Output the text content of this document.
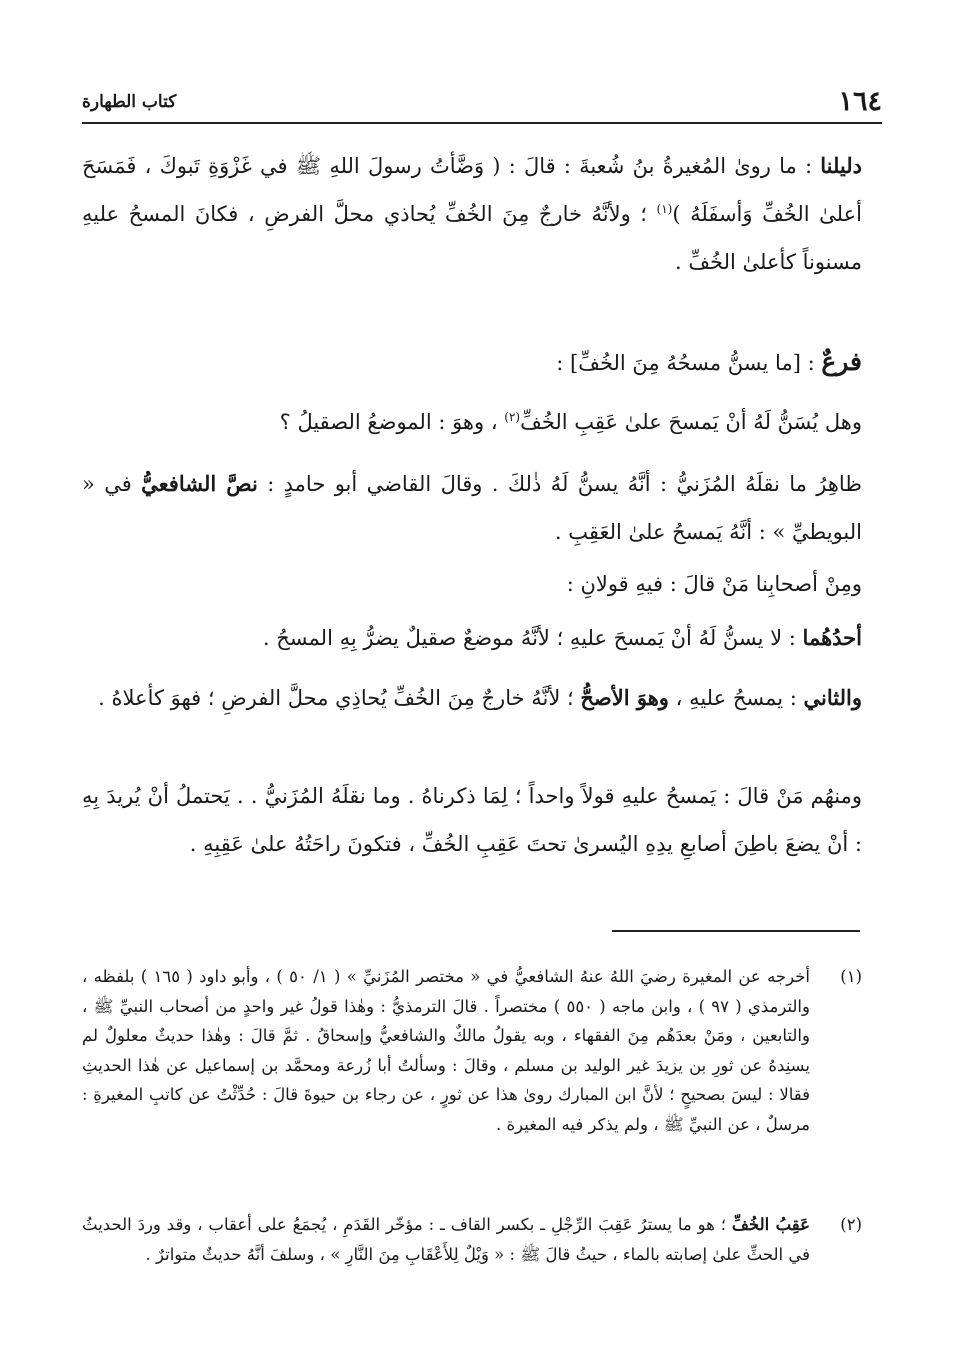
١٦٤
كتاب الطهارة

دليلنا : ما روىٰ المُغيرةُ بنُ شُعبةَ : قالَ : ( وَضَّأتُ رسولَ اللهِ ﷺ في غَزْوَةِ تَبوكَ ، فَمَسَحَ أعلىٰ الخُفِّ وَأسفَلَهُ )$^{(١)}$ ؛ ولأنَّهُ خارجٌ مِنَ الخُفِّ يُحاذي محلَّ الفرضِ ، فكانَ المسحُ عليهِ مسنوناً كأعلىٰ الخُفِّ .

فرعٌ : [ما يسنُّ مسحُهُ مِنَ الخُفِّ] :

وهل يُسَنُّ لَهُ أنْ يَمسحَ علىٰ عَقِبِ الخُفِّ$^{(٢)}$ ، وهوَ : الموضعُ الصقيلُ ؟

ظاهِرُ ما نقلَهُ المُزَنيُّ : أنَّهُ يسنُّ لَهُ ذٰلكَ . وقالَ القاضي أبو حامدٍ : نصَّ الشافعيُّ في « البويطيِّ » : أنَّهُ يَمسحُ علىٰ العَقِبِ .

ومِنْ أصحابِنا مَنْ قالَ : فيهِ قولانِ :

أحدُهُما : لا يسنُّ لَهُ أنْ يَمسحَ عليهِ ؛ لأنَّهُ موضعٌ صقيلٌ يضرُّ بِهِ المسحُ .

والثاني : يمسحُ عليهِ ، وهوَ الأصحُّ ؛ لأنَّهُ خارجٌ مِنَ الخُفِّ يُحاذِي محلَّ الفرضِ ؛ فهوَ كأعلاهُ .

ومنهُم مَنْ قالَ : يَمسحُ عليهِ قولاً واحداً ؛ لِمَا ذكرناهُ . وما نقلَهُ المُزَنيُّ . . يَحتملُ أنْ يُريدَ بِهِ : أنْ يضعَ باطِنَ أصابعِ يدِهِ اليُسرىٰ تحتَ عَقِبِ الخُفِّ ، فتكونَ راحَتُهُ علىٰ عَقِبِهِ .

(١)
أخرجه عن المغيرة رضيَ اللهُ عنهُ الشافعيُّ في « مختصر المُزَنيِّ » ( ١/ ٥٠ ) ، وأبو داود ( ١٦٥ ) بلفظه ، والترمذي ( ٩٧ ) ، وابن ماجه ( ٥٥٠ ) مختصراً . قالَ الترمذيُّ : وهٰذا قولُ غير واحدٍ من أصحاب النبيِّ ﷺ ، والتابعين ، ومَنْ بعدَهُم مِنَ الفقهاء ، وبه يقولُ مالكٌ والشافعيُّ وإسحاقُ . ثمَّ قالَ : وهٰذا حديثٌ معلولٌ لم يسنِدهُ عن ثورِ بن يزيدَ غير الوليد بن مسلم ، وقالَ : وسألتُ أبا زُرعة ومحمَّد بن إسماعيل عن هٰذا الحديثِ فقالا : ليسَ بصحيحٍ ؛ لأنَّ ابن المبارك روىٰ هذا عن ثورٍ ، عن رجاء بن حيوةَ قالَ : حُدِّثْتُ عن كاتبِ المغيرةِ : مرسلٌ ، عن النبيِّ ﷺ ، ولم يذكر فيه المغيرة .
(٢)
عَقِبُ الخُفِّ ؛ هو ما يسترُ عَقِبَ الرِّجْلِ ـ بكسر القاف ـ : مؤخّر القَدَمِ ، يُجمَعُ على أعقاب ، وقد وردَ الحديثُ في الحثِّ علىٰ إصابته بالماء ، حيثُ قالَ ﷺ : « وَيْلٌ لِلأَعْقَابِ مِنَ النَّارِ » ، وسلفَ أنَّهُ حديثٌ متواترٌ .
